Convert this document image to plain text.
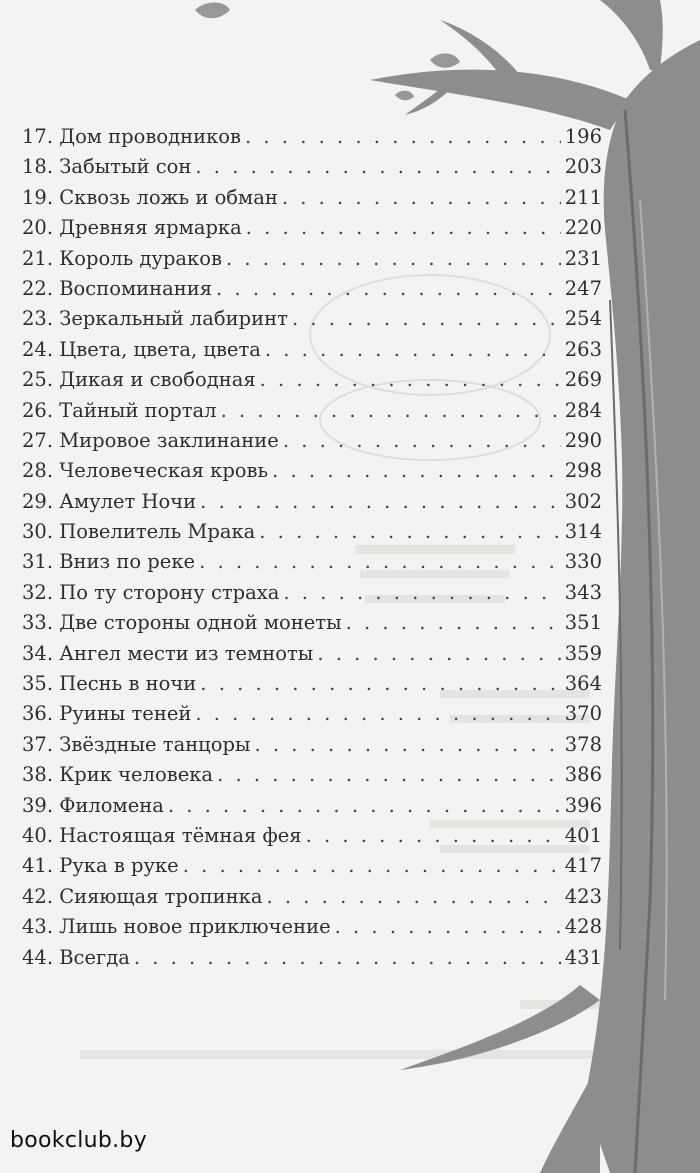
17. Дом проводников . . .	196
18. Забытый сон . . .	203
19. Сквозь ложь и обман . . .	211
20. Древняя ярмарка . . .	220
21. Король дураков . . .	231
22. Воспоминания . . .	247
23. Зеркальный лабиринт . . .	254
24. Цвета, цвета, цвета . . .	263
25. Дикая и свободная . . .	269
26. Тайный портал . . .	284
27. Мировое заклинание . . .	290
28. Человеческая кровь . . .	298
29. Амулет Ночи . . .	302
30. Повелитель Мрака . . .	314
31. Вниз по реке . . .	330
32. По ту сторону страха . . .	343
33. Две стороны одной монеты . . .	351
34. Ангел мести из темноты . . .	359
35. Песнь в ночи . . .	364
36. Руины теней . . .	370
37. Звёздные танцоры . . .	378
38. Крик человека . . .	386
39. Филомена . . .	396
40. Настоящая тёмная фея . . .	401
41. Рука в руке . . .	417
42. Сияющая тропинка . . .	423
43. Лишь новое приключение . . .	428
44. Всегда . . .	431
bookclub.by
